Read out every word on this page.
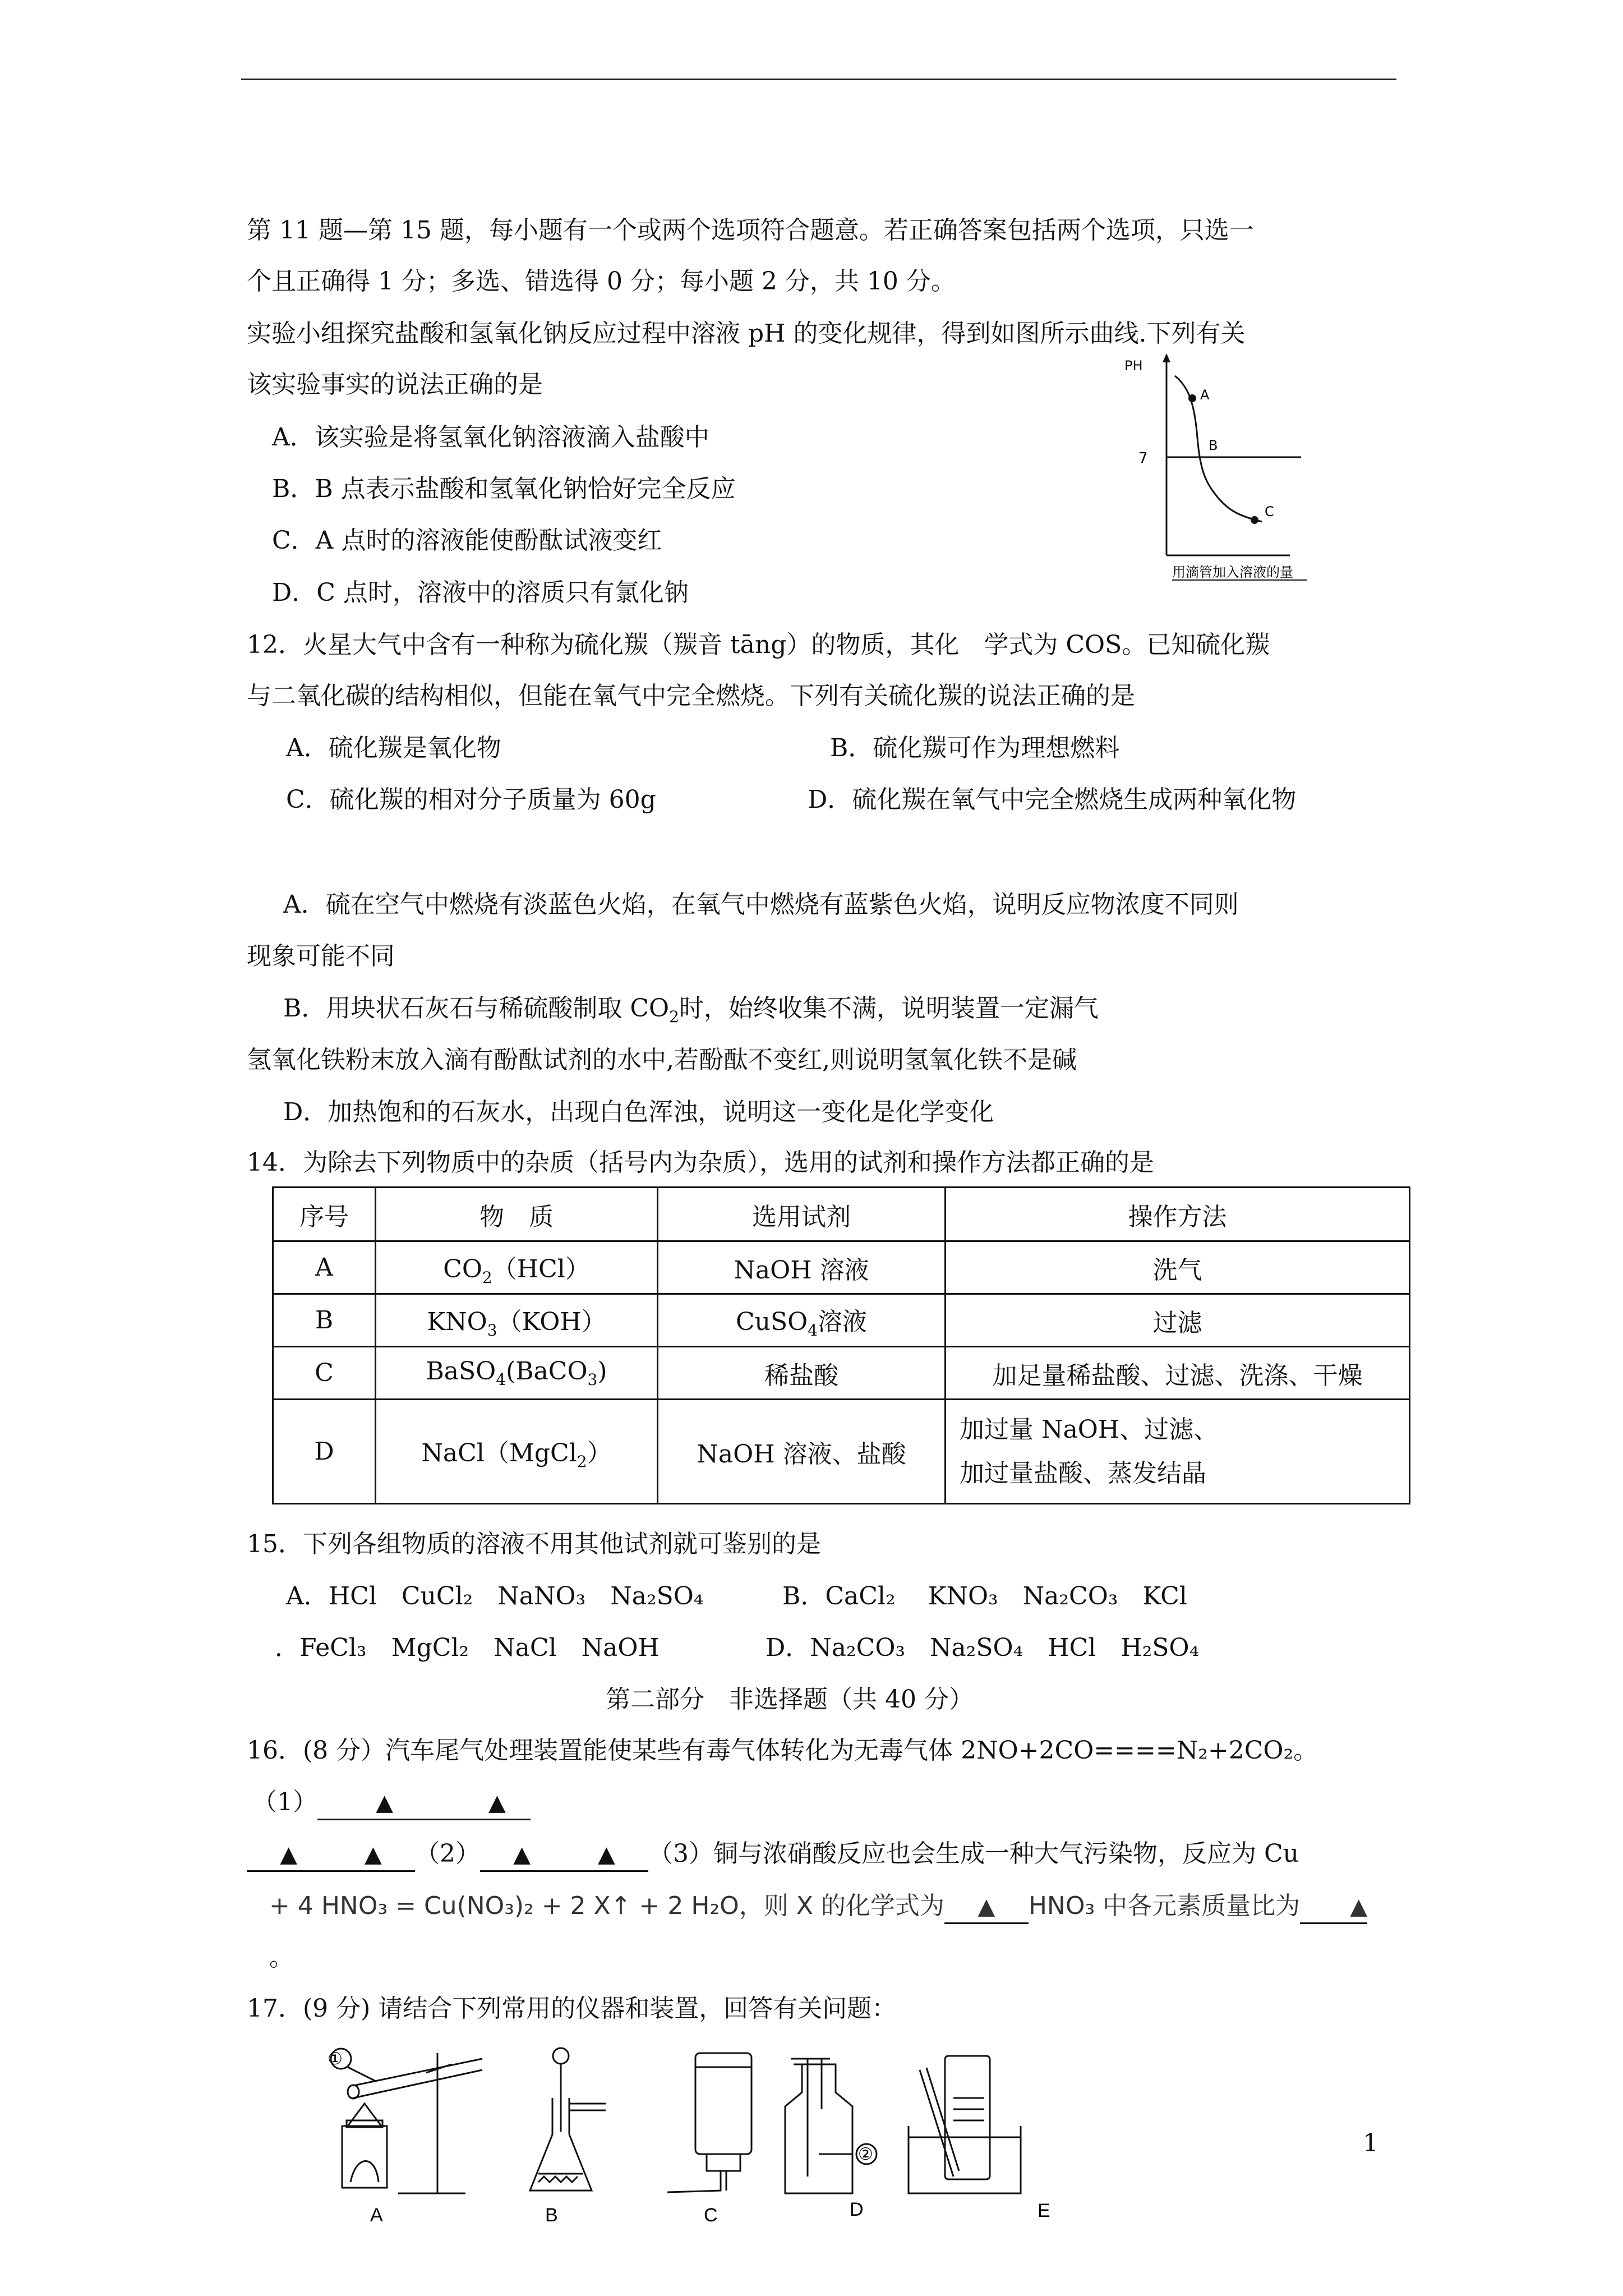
第 11 题—第 15 题，每小题有一个或两个选项符合题意。若正确答案包括两个选项，只选一
个且正确得 1 分；多选、错选得 0 分；每小题 2 分，共 10 分。
实验小组探究盐酸和氢氧化钠反应过程中溶液 pH 的变化规律，得到如图所示曲线.下列有关
该实验事实的说法正确的是
A．该实验是将氢氧化钠溶液滴入盐酸中
B．B 点表示盐酸和氢氧化钠恰好完全反应
C．A 点时的溶液能使酚酞试液变红
D．C 点时，溶液中的溶质只有氯化钠
PH
7
A
B
C
用滴管加入溶液的量
12．火星大气中含有一种称为硫化羰（羰音 tāng）的物质，其化　学式为 COS。已知硫化羰
与二氧化碳的结构相似，但能在氧气中完全燃烧。下列有关硫化羰的说法正确的是
A．硫化羰是氧化物	B．硫化羰可作为理想燃料
C．硫化羰的相对分子质量为 60g	D．硫化羰在氧气中完全燃烧生成两种氧化物
A．硫在空气中燃烧有淡蓝色火焰，在氧气中燃烧有蓝紫色火焰，说明反应物浓度不同则
现象可能不同
B．用块状石灰石与稀硫酸制取 $CO_2$时，始终收集不满，说明装置一定漏气
氢氧化铁粉末放入滴有酚酞试剂的水中,若酚酞不变红,则说明氢氧化铁不是碱
D．加热饱和的石灰水，出现白色浑浊，说明这一变化是化学变化
14．为除去下列物质中的杂质（括号内为杂质），选用的试剂和操作方法都正确的是
序号	物　质	选用试剂	操作方法
A	$CO_2(HCl)$	NaOH 溶液	洗气
B	$KNO_3(KOH)$	CuSO$_4$溶液	过滤
C	BaSO$_4$(BaCO$_3$)	稀盐酸	加足量稀盐酸、过滤、洗涤、干燥
D	NaCl（MgCl$_2$）	NaOH 溶液、盐酸	加过量 NaOH、过滤、
加过量盐酸、蒸发结晶
15．下列各组物质的溶液不用其他试剂就可鉴别的是
A．HCl　CuCl₂　NaNO₃　Na₂SO₄	B．CaCl₂　 KNO₃　Na₂CO₃　KCl
．FeCl₃　MgCl₂　NaCl　NaOH	D．Na₂CO₃　Na₂SO₄　HCl　H₂SO₄
第二部分　非选择题（共 40 分）
16．(8 分）汽车尾气处理装置能使某些有毒气体转化为无毒气体 2NO+2CO====N₂+2CO₂。
（1）	▲	▲
▲	▲ （2） ▲	▲ （3）铜与浓硝酸反应也会生成一种大气污染物，反应为 Cu
+ 4 HNO₃ = Cu(NO₃)₂ + 2 X↑ + 2 H₂O，则 X 的化学式为 ▲ HNO₃ 中各元素质量比为 ▲
。
17．(9 分) 请结合下列常用的仪器和装置，回答有关问题：
①
②
A	B	C	D	E
1
